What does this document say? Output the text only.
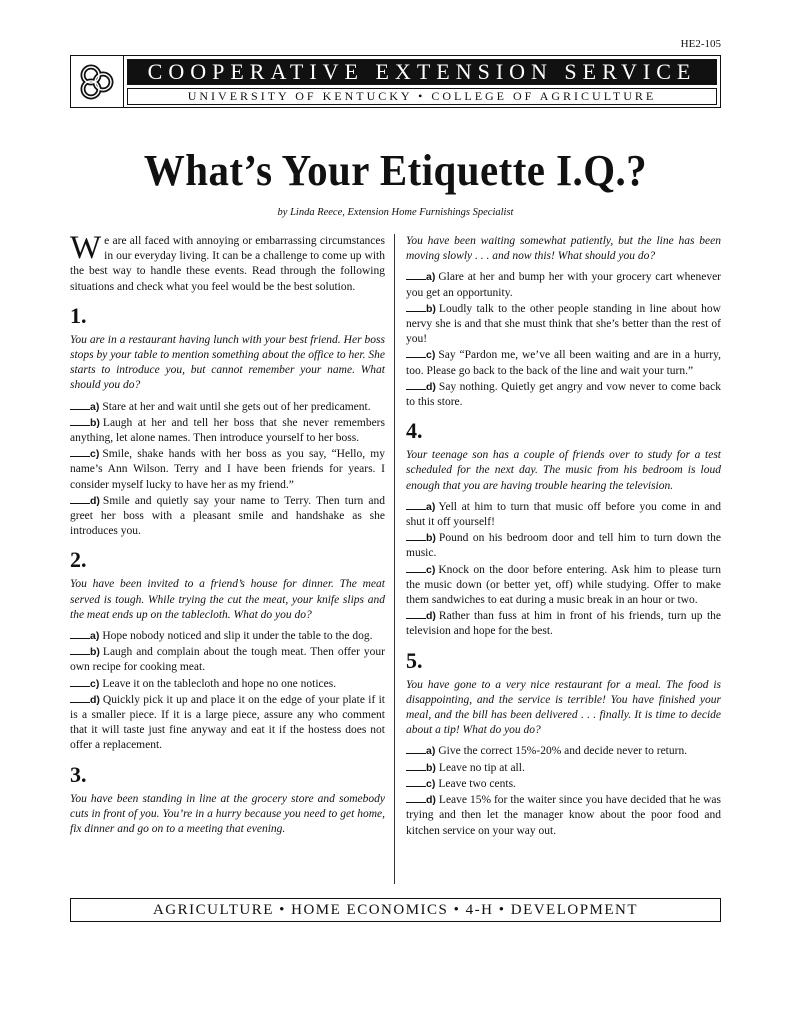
HE2-105
COOPERATIVE EXTENSION SERVICE
UNIVERSITY OF KENTUCKY • COLLEGE OF AGRICULTURE
What’s Your Etiquette I.Q.?
by Linda Reece, Extension Home Furnishings Specialist

We are all faced with annoying or embarrassing circumstances in our everyday living. It can be a challenge to come up with the best way to handle these events. Read through the following situations and check what you feel would be the best solution.

1.

You are in a restaurant having lunch with your best friend. Her boss stops by your table to mention something about the office to her. She starts to introduce you, but cannot remember your name. What should you do?

a) Stare at her and wait until she gets out of her predicament.

b) Laugh at her and tell her boss that she never remembers anything, let alone names. Then introduce yourself to her boss.

c) Smile, shake hands with her boss as you say, “Hello, my name’s Ann Wilson. Terry and I have been friends for years. I consider myself lucky to have her as my friend.”

d) Smile and quietly say your name to Terry. Then turn and greet her boss with a pleasant smile and handshake as she introduces you.

2.

You have been invited to a friend’s house for dinner. The meat served is tough. While trying the cut the meat, your knife slips and the meat ends up on the tablecloth. What do you do?

a) Hope nobody noticed and slip it under the table to the dog.

b) Laugh and complain about the tough meat. Then offer your own recipe for cooking meat.

c) Leave it on the tablecloth and hope no one notices.

d) Quickly pick it up and place it on the edge of your plate if it is a smaller piece. If it is a large piece, assure any who comment that it will taste just fine anyway and eat it if the hostess does not offer a replacement.

3.

You have been standing in line at the grocery store and somebody cuts in front of you. You’re in a hurry because you need to get home, fix dinner and go on to a meeting that evening.

You have been waiting somewhat patiently, but the line has been moving slowly . . . and now this! What should you do?

a) Glare at her and bump her with your grocery cart whenever you get an opportunity.

b) Loudly talk to the other people standing in line about how nervy she is and that she must think that she’s better than the rest of you!

c) Say “Pardon me, we’ve all been waiting and are in a hurry, too. Please go back to the back of the line and wait your turn.”

d) Say nothing. Quietly get angry and vow never to come back to this store.

4.

Your teenage son has a couple of friends over to study for a test scheduled for the next day. The music from his bedroom is loud enough that you are having trouble hearing the television.

a) Yell at him to turn that music off before you come in and shut it off yourself!

b) Pound on his bedroom door and tell him to turn down the music.

c) Knock on the door before entering. Ask him to please turn the music down (or better yet, off) while studying. Offer to make them sandwiches to eat during a music break in an hour or two.

d) Rather than fuss at him in front of his friends, turn up the television and hope for the best.

5.

You have gone to a very nice restaurant for a meal. The food is disappointing, and the service is terrible! You have finished your meal, and the bill has been delivered . . . finally. It is time to decide about a tip! What do you do?

a) Give the correct 15%-20% and decide never to return.

b) Leave no tip at all.

c) Leave two cents.

d) Leave 15% for the waiter since you have decided that he was trying and then let the manager know about the poor food and kitchen service on your way out.

AGRICULTURE • HOME ECONOMICS • 4-H • DEVELOPMENT
